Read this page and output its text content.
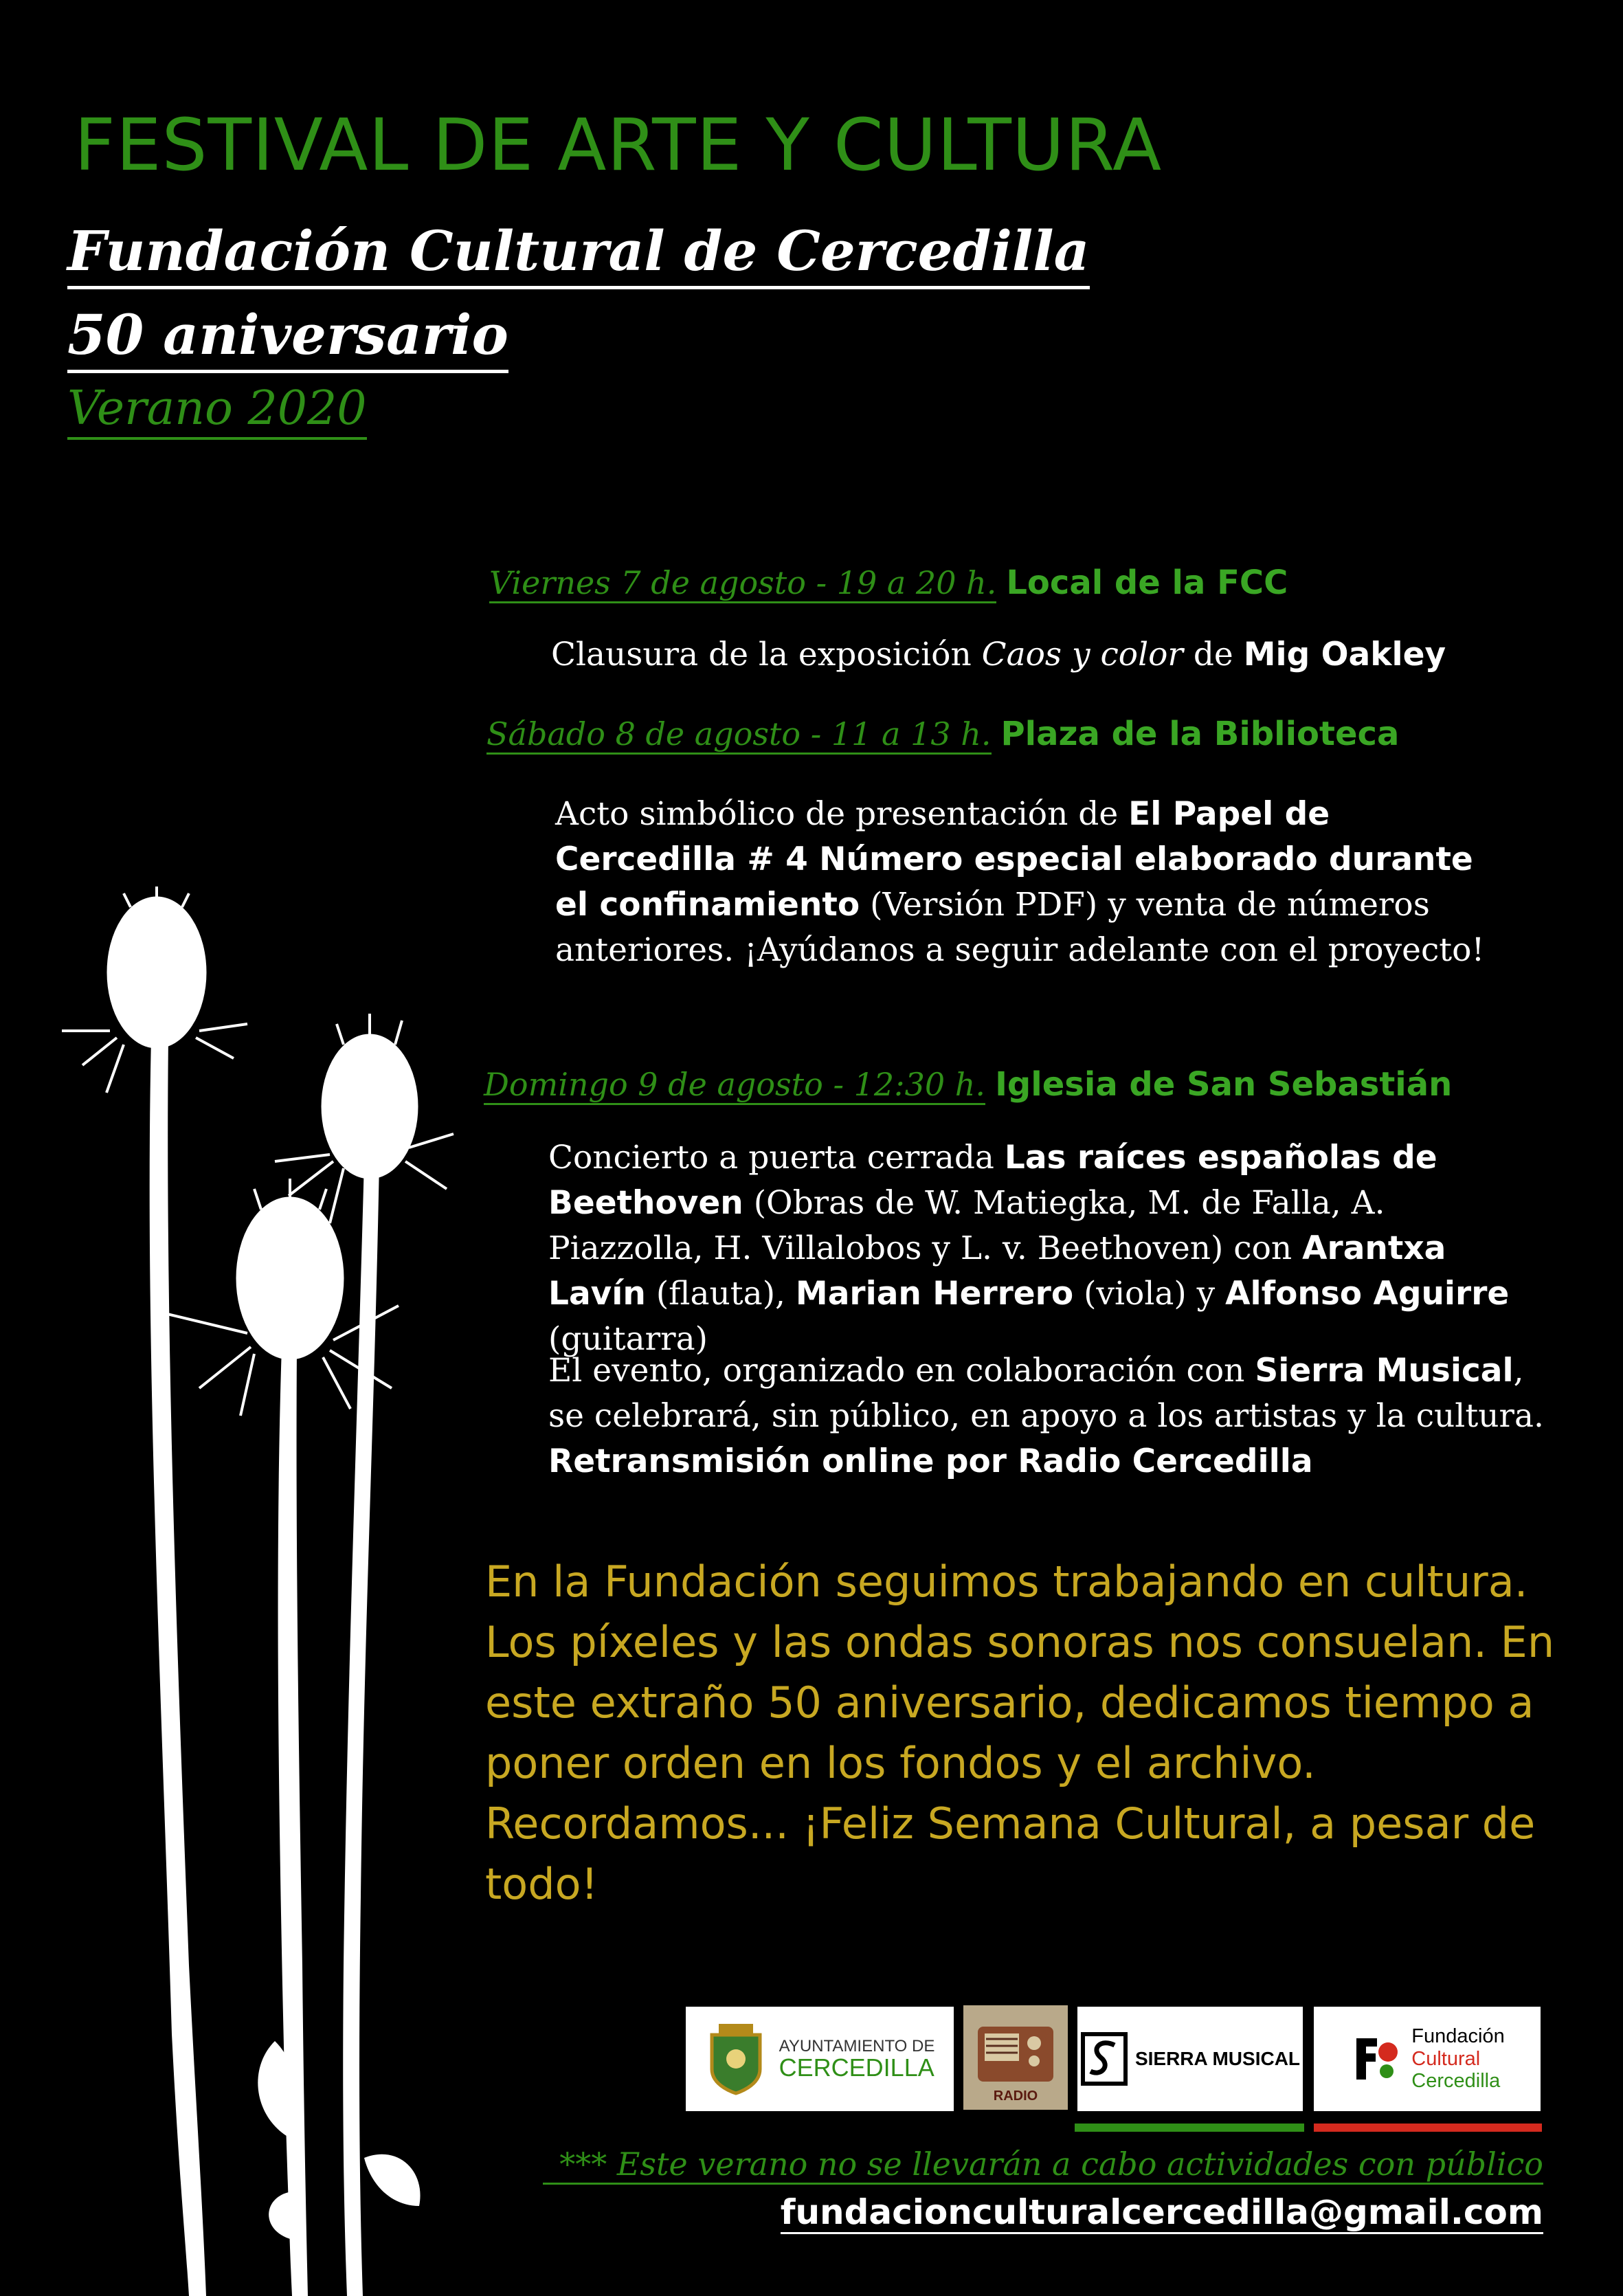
FESTIVAL DE ARTE Y CULTURA
Fundación Cultural de Cercedilla
50 aniversario
Verano 2020
Viernes 7 de agosto - 19 a 20 h. Local de la FCC
Clausura de la exposición Caos y color de Mig Oakley
Sábado 8 de agosto - 11 a 13 h. Plaza de la Biblioteca
Acto simbólico de presentación de El Papel de Cercedilla # 4 Número especial elaborado durante el confinamiento (Versión PDF) y venta de números anteriores. ¡Ayúdanos a seguir adelante con el proyecto!
Domingo 9 de agosto - 12:30 h. Iglesia de San Sebastián
Concierto a puerta cerrada Las raíces españolas de Beethoven (Obras de W. Matiegka, M. de Falla, A. Piazzolla, H. Villalobos y L. v. Beethoven) con Arantxa Lavín (flauta), Marian Herrero (viola) y Alfonso Aguirre (guitarra)
El evento, organizado en colaboración con Sierra Musical, se celebrará, sin público, en apoyo a los artistas y la cultura. Retransmisión online por Radio Cercedilla
En la Fundación seguimos trabajando en cultura. Los píxeles y las ondas sonoras nos consuelan. En este extraño 50 aniversario, dedicamos tiempo a poner orden en los fondos y el archivo. Recordamos... ¡Feliz Semana Cultural, a pesar de todo!
AYUNTAMIENTO DE
CERCEDILLA
RADIO
SIERRA MUSICAL
Fundación
Cultural
Cercedilla
*** Este verano no se llevarán a cabo actividades con público
fundacionculturalcercedilla@gmail.com
